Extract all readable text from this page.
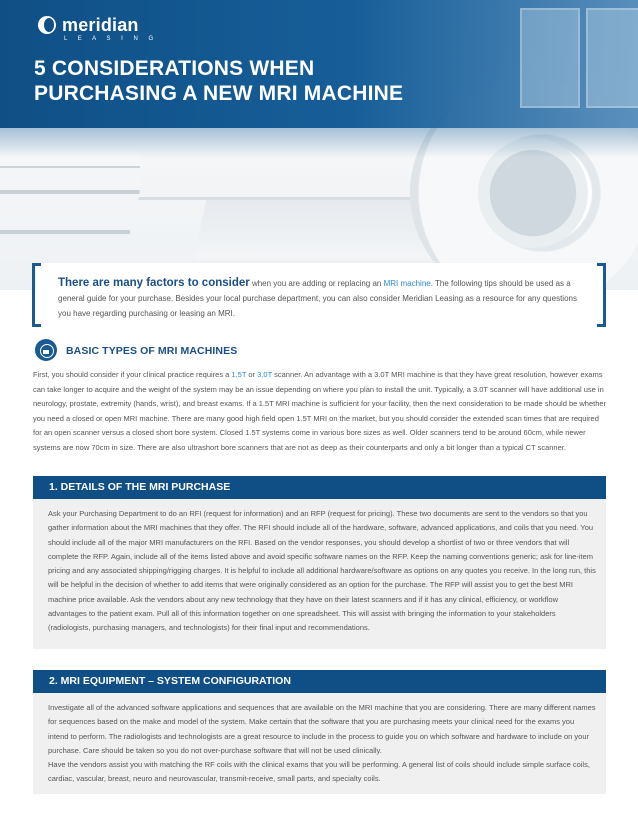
meridian
L E A S I N G
5 CONSIDERATIONS WHEN
PURCHASING A NEW MRI MACHINE
There are many factors to consider when you are adding or replacing an MRI machine. The following tips should be used as a general guide for your purchase. Besides your local purchase department, you can also consider Meridian Leasing as a resource for any questions you have regarding purchasing or leasing an MRI.
BASIC TYPES OF MRI MACHINES
First, you should consider if your clinical practice requires a 1.5T or 3.0T scanner. An advantage with a 3.0T MRI machine is that they have great resolution, however exams can take longer to acquire and the weight of the system may be an issue depending on where you plan to install the unit. Typically, a 3.0T scanner will have additional use in neurology, prostate, extremity (hands, wrist), and breast exams. If a 1.5T MRI machine is sufficient for your facility, then the next consideration to be made should be whether you need a closed or open MRI machine. There are many good high field open 1.5T MRI on the market, but you should consider the extended scan times that are required for an open scanner versus a closed short bore system. Closed 1.5T systems come in various bore sizes as well. Older scanners tend to be around 60cm, while newer systems are now 70cm in size. There are also ultrashort bore scanners that are not as deep as their counterparts and only a bit longer than a typical CT scanner.
1. DETAILS OF THE MRI PURCHASE
Ask your Purchasing Department to do an RFI (request for information) and an RFP (request for pricing). These two documents are sent to the vendors so that you gather information about the MRI machines that they offer. The RFI should include all of the hardware, software, advanced applications, and coils that you need. You should include all of the major MRI manufacturers on the RFI. Based on the vendor responses, you should develop a shortlist of two or three vendors that will complete the RFP. Again, include all of the items listed above and avoid specific software names on the RFP. Keep the naming conventions generic; ask for line-item pricing and any associated shipping/rigging charges. It is helpful to include all additional hardware/software as options on any quotes you receive. In the long run, this will be helpful in the decision of whether to add items that were originally considered as an option for the purchase. The RFP will assist you to get the best MRI machine price available. Ask the vendors about any new technology that they have on their latest scanners and if it has any clinical, efficiency, or workflow advantages to the patient exam. Pull all of this information together on one spreadsheet. This will assist with bringing the information to your stakeholders (radiologists, purchasing managers, and technologists) for their final input and recommendations.
2. MRI EQUIPMENT – SYSTEM CONFIGURATION
Investigate all of the advanced software applications and sequences that are available on the MRI machine that you are considering. There are many different names for sequences based on the make and model of the system. Make certain that the software that you are purchasing meets your clinical need for the exams you intend to perform. The radiologists and technologists are a great resource to include in the process to guide you on which software and hardware to include on your purchase. Care should be taken so you do not over-purchase software that will not be used clinically.
Have the vendors assist you with matching the RF coils with the clinical exams that you will be performing. A general list of coils should include simple surface coils, cardiac, vascular, breast, neuro and neurovascular, transmit-receive, small parts, and specialty coils.
